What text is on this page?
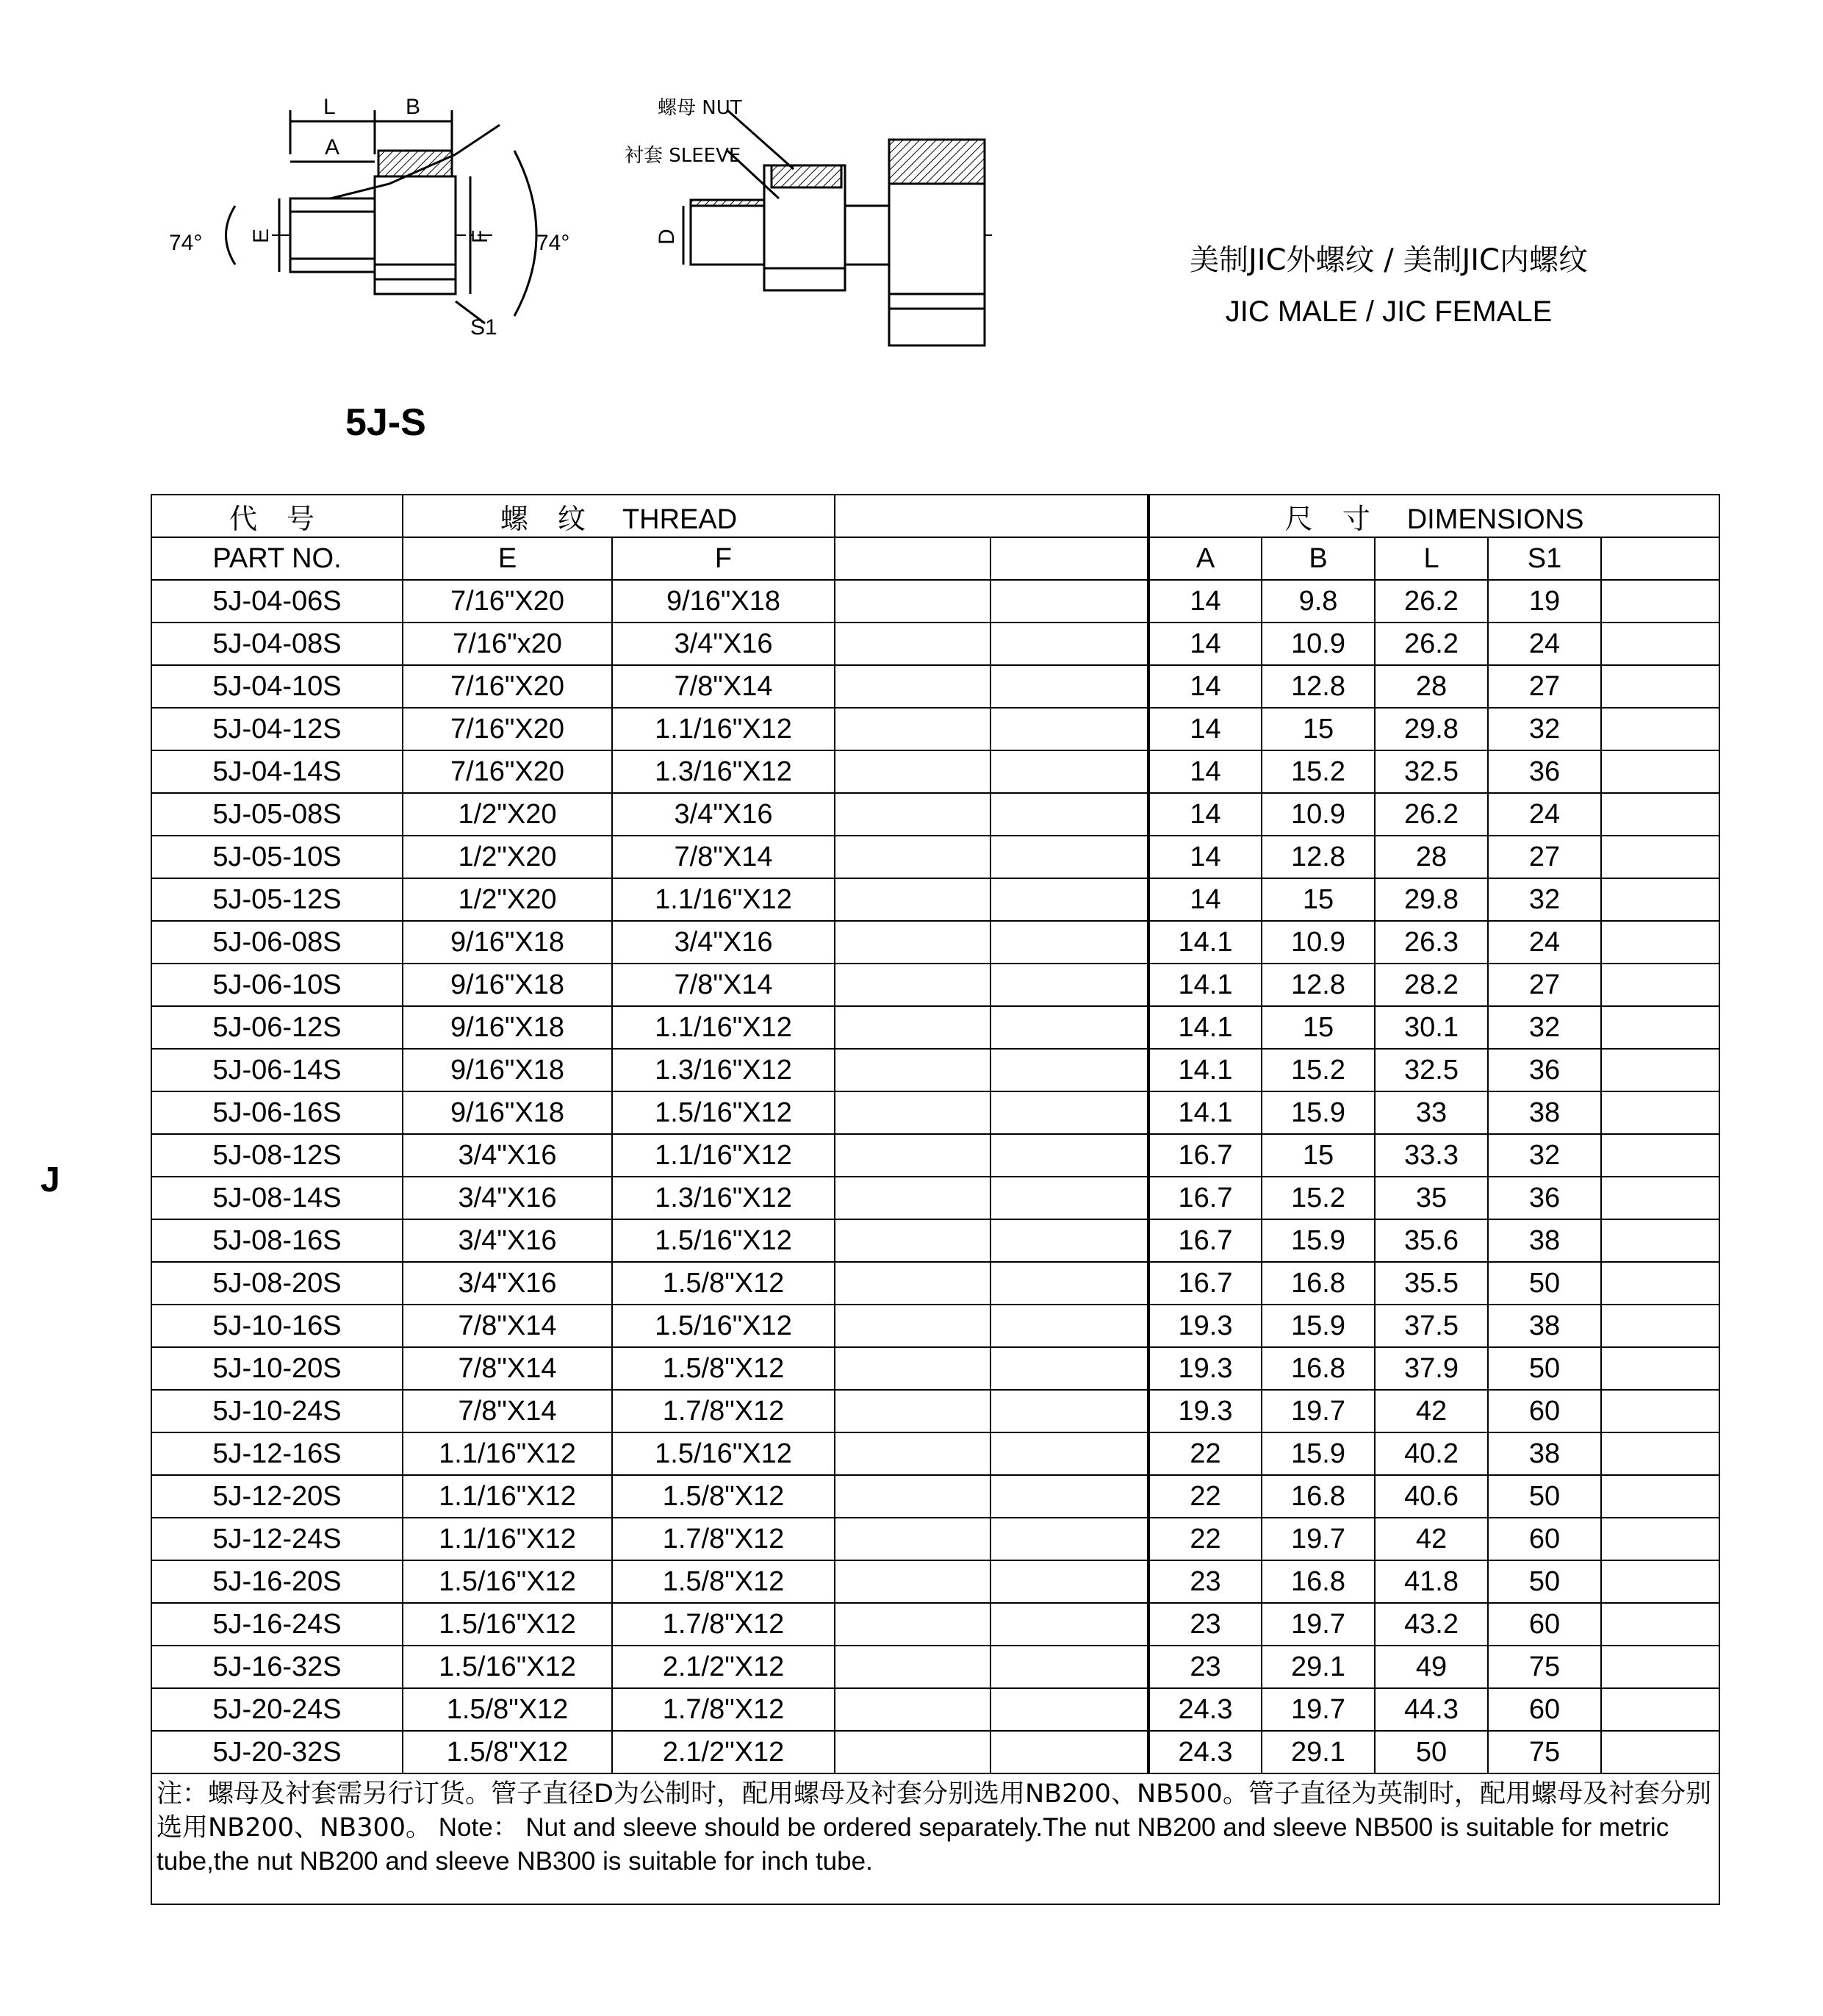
L	B
A
E	F
74°	74°
S1
螺母 NUT
衬套 SLEEVE
D
美制JIC外螺纹 / 美制JIC内螺纹
JIC MALE / JIC FEMALE
5J-S
J
代 号	螺 纹 THREAD				尺 寸 DIMENSIONS				
PART NO.	E	F			A	B	L	S1	
5J-04-06S	7/16"X20	9/16"X18			14	9.8	26.2	19	
5J-04-08S	7/16"x20	3/4"X16			14	10.9	26.2	24	
5J-04-10S	7/16"X20	7/8"X14			14	12.8	28	27	
5J-04-12S	7/16"X20	1.1/16"X12			14	15	29.8	32	
5J-04-14S	7/16"X20	1.3/16"X12			14	15.2	32.5	36	
5J-05-08S	1/2"X20	3/4"X16			14	10.9	26.2	24	
5J-05-10S	1/2"X20	7/8"X14			14	12.8	28	27	
5J-05-12S	1/2"X20	1.1/16"X12			14	15	29.8	32	
5J-06-08S	9/16"X18	3/4"X16			14.1	10.9	26.3	24	
5J-06-10S	9/16"X18	7/8"X14			14.1	12.8	28.2	27	
5J-06-12S	9/16"X18	1.1/16"X12			14.1	15	30.1	32	
5J-06-14S	9/16"X18	1.3/16"X12			14.1	15.2	32.5	36	
5J-06-16S	9/16"X18	1.5/16"X12			14.1	15.9	33	38	
5J-08-12S	3/4"X16	1.1/16"X12			16.7	15	33.3	32	
5J-08-14S	3/4"X16	1.3/16"X12			16.7	15.2	35	36	
5J-08-16S	3/4"X16	1.5/16"X12			16.7	15.9	35.6	38	
5J-08-20S	3/4"X16	1.5/8"X12			16.7	16.8	35.5	50	
5J-10-16S	7/8"X14	1.5/16"X12			19.3	15.9	37.5	38	
5J-10-20S	7/8"X14	1.5/8"X12			19.3	16.8	37.9	50	
5J-10-24S	7/8"X14	1.7/8"X12			19.3	19.7	42	60	
5J-12-16S	1.1/16"X12	1.5/16"X12			22	15.9	40.2	38	
5J-12-20S	1.1/16"X12	1.5/8"X12			22	16.8	40.6	50	
5J-12-24S	1.1/16"X12	1.7/8"X12			22	19.7	42	60	
5J-16-20S	1.5/16"X12	1.5/8"X12			23	16.8	41.8	50	
5J-16-24S	1.5/16"X12	1.7/8"X12			23	19.7	43.2	60	
5J-16-32S	1.5/16"X12	2.1/2"X12			23	29.1	49	75	
5J-20-24S	1.5/8"X12	1.7/8"X12			24.3	19.7	44.3	60	
5J-20-32S	1.5/8"X12	2.1/2"X12			24.3	29.1	50	75	
注：螺母及衬套需另行订货。管子直径D为公制时，配用螺母及衬套分别选用NB200、NB500。管子直径为英制时，配用螺母及衬套分别选用NB200、NB300。 Note： Nut and sleeve should be ordered separately.The nut NB200 and sleeve NB500 is suitable for metric tube,the nut NB200 and sleeve NB300 is suitable for inch tube.									
